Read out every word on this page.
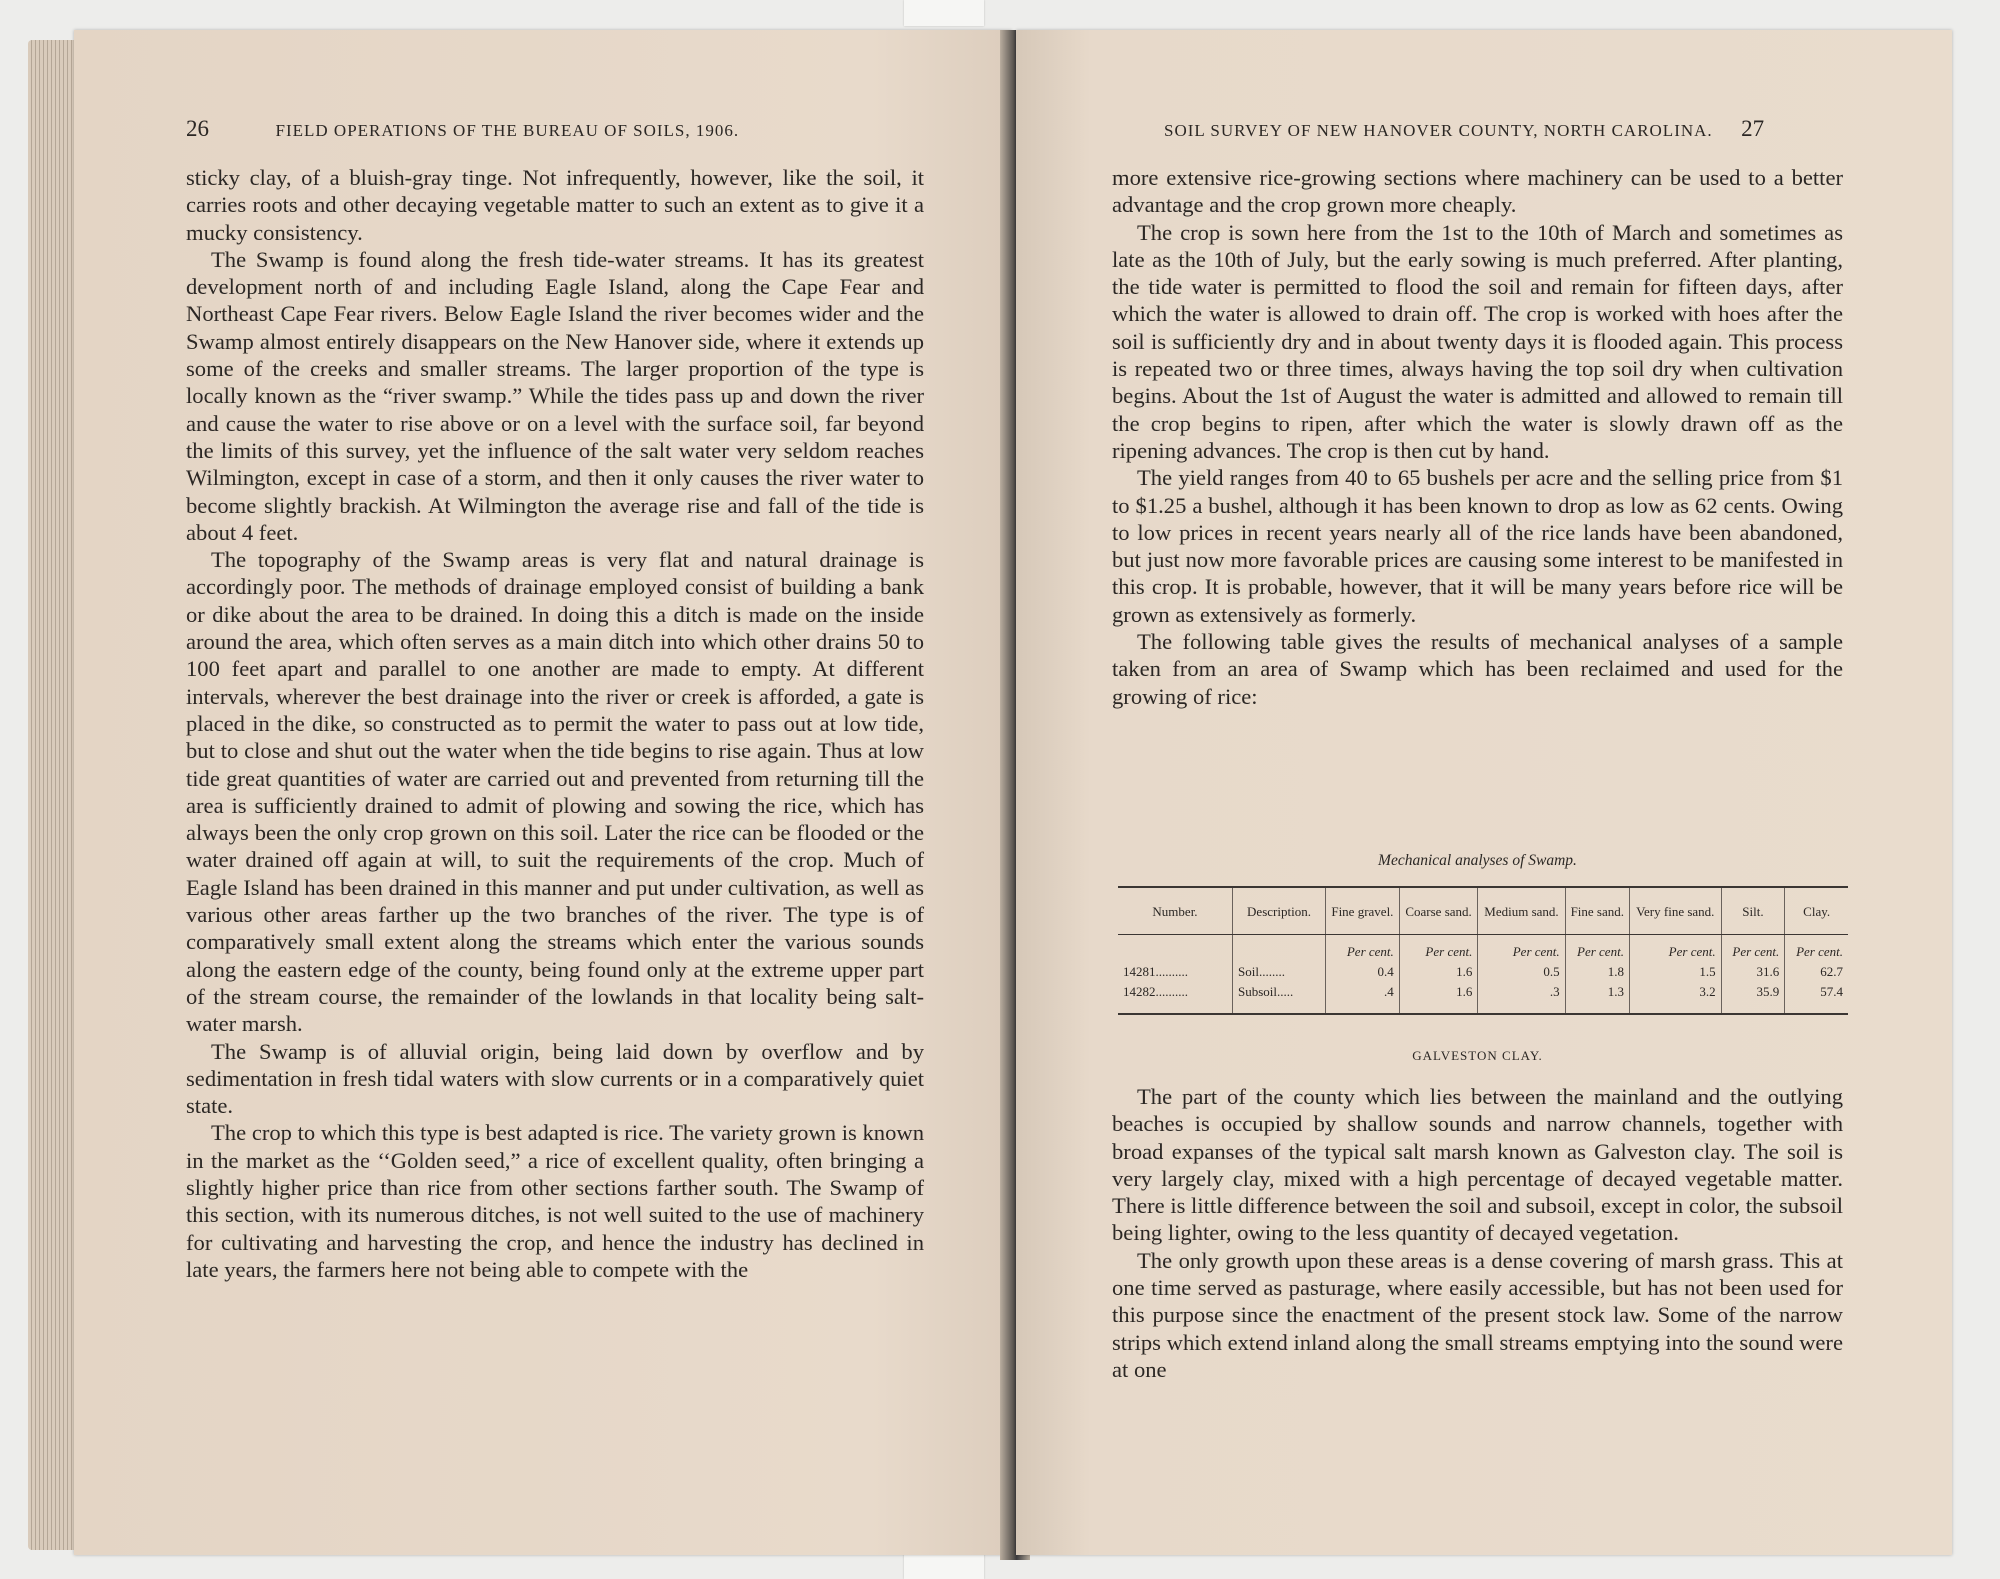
26	FIELD OPERATIONS OF THE BUREAU OF SOILS, 1906.

sticky clay, of a bluish-gray tinge. Not infrequently, however, like the soil, it carries roots and other decaying vegetable matter to such an extent as to give it a mucky consistency.

The Swamp is found along the fresh tide-water streams. It has its greatest development north of and including Eagle Island, along the Cape Fear and Northeast Cape Fear rivers. Below Eagle Island the river becomes wider and the Swamp almost entirely disappears on the New Hanover side, where it extends up some of the creeks and smaller streams. The larger proportion of the type is locally known as the “river swamp.” While the tides pass up and down the river and cause the water to rise above or on a level with the surface soil, far beyond the limits of this survey, yet the influence of the salt water very seldom reaches Wilmington, except in case of a storm, and then it only causes the river water to become slightly brackish. At Wilmington the average rise and fall of the tide is about 4 feet.

The topography of the Swamp areas is very flat and natural drainage is accordingly poor. The methods of drainage employed consist of building a bank or dike about the area to be drained. In doing this a ditch is made on the inside around the area, which often serves as a main ditch into which other drains 50 to 100 feet apart and parallel to one another are made to empty. At different intervals, wherever the best drainage into the river or creek is afforded, a gate is placed in the dike, so constructed as to permit the water to pass out at low tide, but to close and shut out the water when the tide begins to rise again. Thus at low tide great quantities of water are carried out and prevented from returning till the area is sufficiently drained to admit of plowing and sowing the rice, which has always been the only crop grown on this soil. Later the rice can be flooded or the water drained off again at will, to suit the requirements of the crop. Much of Eagle Island has been drained in this manner and put under cultivation, as well as various other areas farther up the two branches of the river. The type is of comparatively small extent along the streams which enter the various sounds along the eastern edge of the county, being found only at the extreme upper part of the stream course, the remainder of the lowlands in that locality being salt-water marsh.

The Swamp is of alluvial origin, being laid down by overflow and by sedimentation in fresh tidal waters with slow currents or in a comparatively quiet state.

The crop to which this type is best adapted is rice. The variety grown is known in the market as the ‘‘Golden seed,” a rice of excellent quality, often bringing a slightly higher price than rice from other sections farther south. The Swamp of this section, with its numerous ditches, is not well suited to the use of machinery for cultivating and harvesting the crop, and hence the industry has declined in late years, the farmers here not being able to compete with the

SOIL SURVEY OF NEW HANOVER COUNTY, NORTH CAROLINA. 27

more extensive rice-growing sections where machinery can be used to a better advantage and the crop grown more cheaply.

The crop is sown here from the 1st to the 10th of March and sometimes as late as the 10th of July, but the early sowing is much preferred. After planting, the tide water is permitted to flood the soil and remain for fifteen days, after which the water is allowed to drain off. The crop is worked with hoes after the soil is sufficiently dry and in about twenty days it is flooded again. This process is repeated two or three times, always having the top soil dry when cultivation begins. About the 1st of August the water is admitted and allowed to remain till the crop begins to ripen, after which the water is slowly drawn off as the ripening advances. The crop is then cut by hand.

The yield ranges from 40 to 65 bushels per acre and the selling price from $1 to $1.25 a bushel, although it has been known to drop as low as 62 cents. Owing to low prices in recent years nearly all of the rice lands have been abandoned, but just now more favorable prices are causing some interest to be manifested in this crop. It is probable, however, that it will be many years before rice will be grown as extensively as formerly.

The following table gives the results of mechanical analyses of a sample taken from an area of Swamp which has been reclaimed and used for the growing of rice:

Mechanical analyses of Swamp.
Number.	Description.	Fine gravel.	Coarse sand.	Medium sand.	Fine sand.	Very fine sand.	Silt.	Clay.
		Per cent.	Per cent.	Per cent.	Per cent.	Per cent.	Per cent.	Per cent.
14281..........	Soil........	0.4	1.6	0.5	1.8	1.5	31.6	62.7
14282..........	Subsoil.....	.4	1.6	.3	1.3	3.2	35.9	57.4
GALVESTON CLAY.

The part of the county which lies between the mainland and the outlying beaches is occupied by shallow sounds and narrow channels, together with broad expanses of the typical salt marsh known as Galveston clay. The soil is very largely clay, mixed with a high percentage of decayed vegetable matter. There is little difference between the soil and subsoil, except in color, the subsoil being lighter, owing to the less quantity of decayed vegetation.

The only growth upon these areas is a dense covering of marsh grass. This at one time served as pasturage, where easily accessible, but has not been used for this purpose since the enactment of the present stock law. Some of the narrow strips which extend inland along the small streams emptying into the sound were at one
